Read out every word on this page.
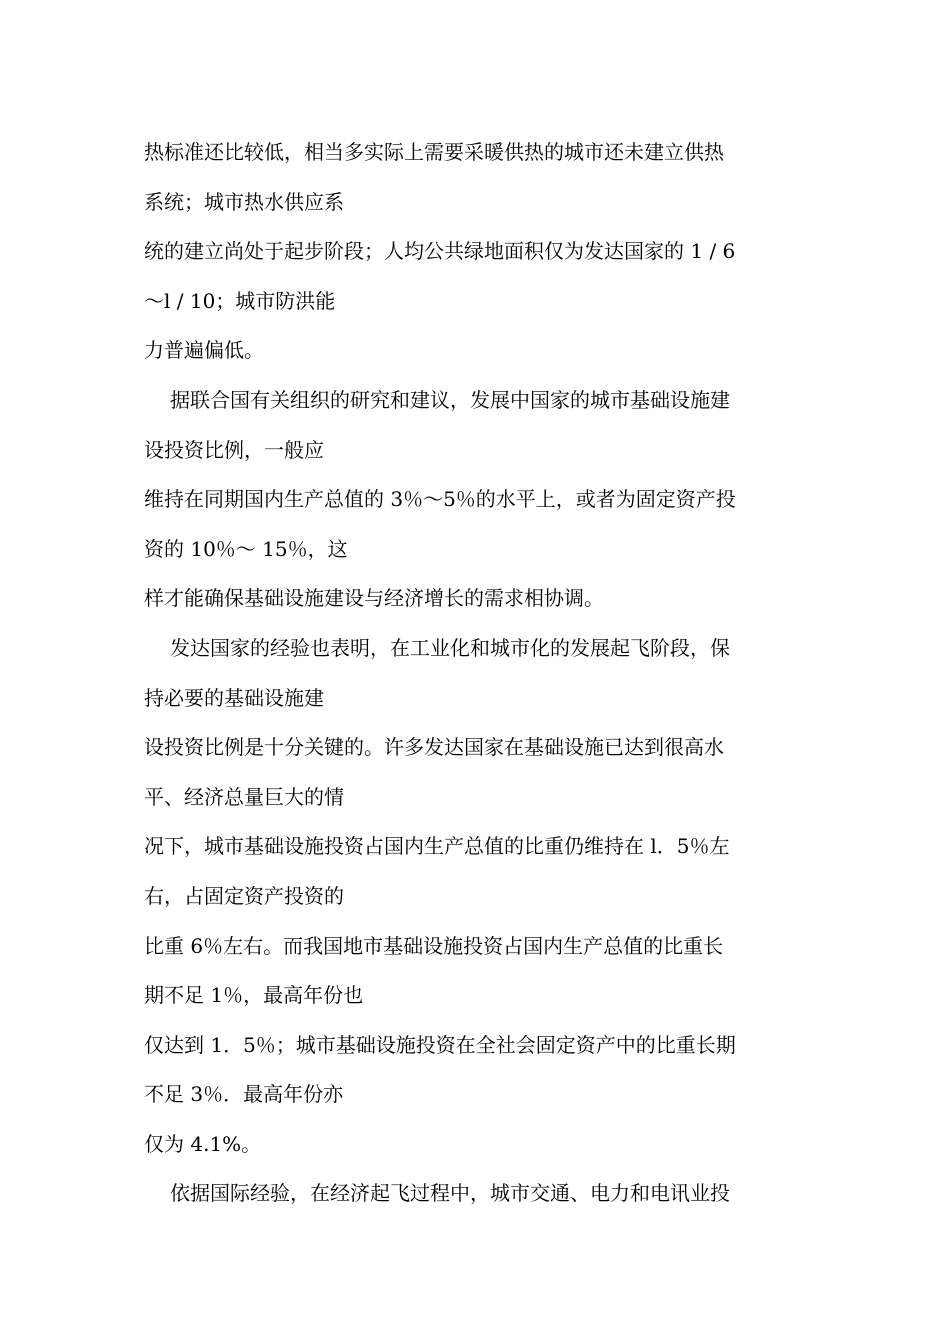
热标准还比较低，相当多实际上需要采暖供热的城市还未建立供热
系统；城市热水供应系
统的建立尚处于起步阶段；人均公共绿地面积仅为发达国家的 1 / 6
～l / 10；城市防洪能
力普遍偏低。
据联合国有关组织的研究和建议，发展中国家的城市基础设施建
设投资比例，一般应
维持在同期国内生产总值的 3％～5％的水平上，或者为固定资产投
资的 10％～ 15％，这
样才能确保基础设施建设与经济增长的需求相协调。
发达国家的经验也表明，在工业化和城市化的发展起飞阶段，保
持必要的基础设施建
设投资比例是十分关键的。许多发达国家在基础设施已达到很高水
平、经济总量巨大的情
况下，城市基础设施投资占国内生产总值的比重仍维持在 l．5％左
右，占固定资产投资的
比重 6％左右。而我国地市基础设施投资占国内生产总值的比重长
期不足 1％，最高年份也
仅达到 1．5％；城市基础设施投资在全社会固定资产中的比重长期
不足 3％．最高年份亦
仅为 4.1%。
依据国际经验，在经济起飞过程中，城市交通、电力和电讯业投
